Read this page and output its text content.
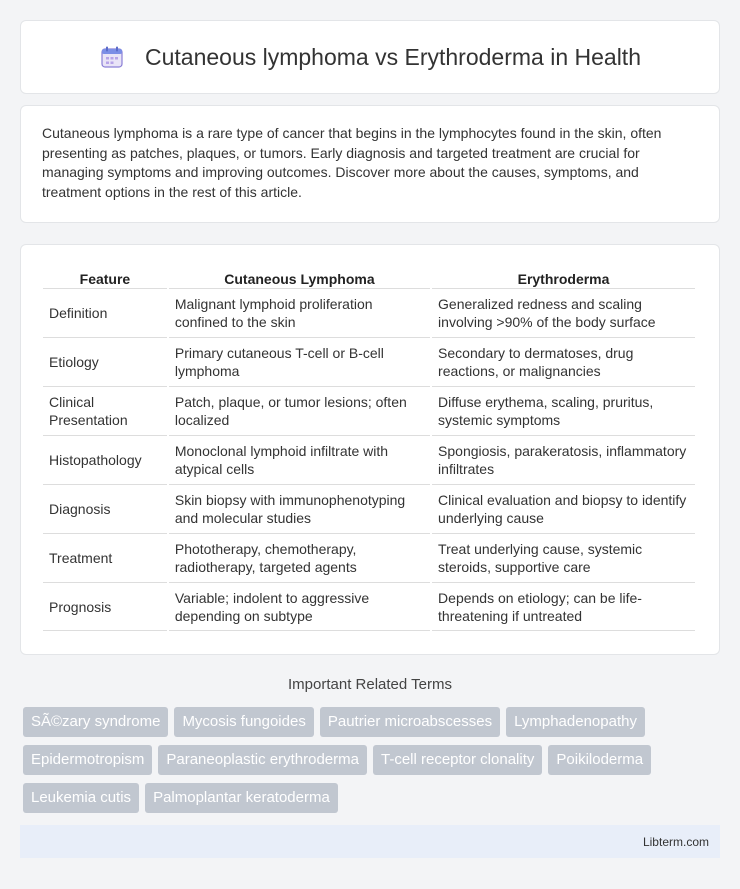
Cutaneous lymphoma vs Erythroderma in Health

Cutaneous lymphoma is a rare type of cancer that begins in the lymphocytes found in the skin, often presenting as patches, plaques, or tumors. Early diagnosis and targeted treatment are crucial for managing symptoms and improving outcomes. Discover more about the causes, symptoms, and treatment options in the rest of this article.

Feature	Cutaneous Lymphoma	Erythroderma
Definition	Malignant lymphoid proliferation confined to the skin	Generalized redness and scaling involving >90% of the body surface
Etiology	Primary cutaneous T-cell or B-cell lymphoma	Secondary to dermatoses, drug reactions, or malignancies
Clinical Presentation	Patch, plaque, or tumor lesions; often localized	Diffuse erythema, scaling, pruritus, systemic symptoms
Histopathology	Monoclonal lymphoid infiltrate with atypical cells	Spongiosis, parakeratosis, inflammatory infiltrates
Diagnosis	Skin biopsy with immunophenotyping and molecular studies	Clinical evaluation and biopsy to identify underlying cause
Treatment	Phototherapy, chemotherapy, radiotherapy, targeted agents	Treat underlying cause, systemic steroids, supportive care
Prognosis	Variable; indolent to aggressive depending on subtype	Depends on etiology; can be life-threatening if untreated
Important Related Terms
SÃ©zary syndrome	Mycosis fungoides	Pautrier microabscesses	Lymphadenopathy
Epidermotropism	Paraneoplastic erythroderma	T-cell receptor clonality	Poikiloderma
Leukemia cutis	Palmoplantar keratoderma
Libterm.com
